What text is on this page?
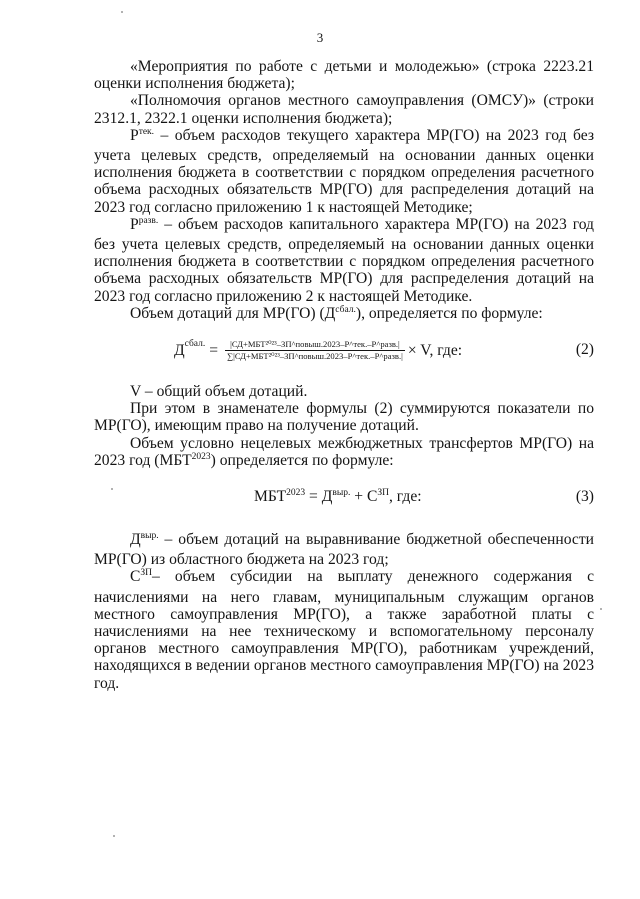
3

«Мероприятия по работе с детьми и молодежью» (строка 2223.21 оценки исполнения бюджета);

«Полномочия органов местного самоуправления (ОМСУ)» (строки 2312.1, 2322.1 оценки исполнения бюджета);

$Р^{тек.}$ – объем расходов текущего характера МР(ГО) на 2023 год без учета целевых средств, определяемый на основании данных оценки исполнения бюджета в соответствии с порядком определения расчетного объема расходных обязательств МР(ГО) для распределения дотаций на 2023 год согласно приложению 1 к настоящей Методике;

$Р^{разв.}$ – объем расходов капитального характера МР(ГО) на 2023 год без учета целевых средств, определяемый на основании данных оценки исполнения бюджета в соответствии с порядком определения расчетного объема расходных обязательств МР(ГО) для распределения дотаций на 2023 год согласно приложению 2 к настоящей Методике.

Объем дотаций для МР(ГО) $(Д^{сбал.})$, определяется по формуле:

Д сбал. = $\frac{\text{|СД+МБТ²⁰²³–ЗП\textasciicircum{}повыш.2023–Р\textasciicircum{}тек.–Р\textasciicircum{}разв.|}}{\text{∑|СД+МБТ²⁰²³–ЗП\textasciicircum{}повыш.2023–Р\textasciicircum{}тек.–Р\textasciicircum{}разв.|}} \times V$, где:	(2)

V – общий объем дотаций.

При этом в знаменателе формулы (2) суммируются показатели по МР(ГО), имеющим право на получение дотаций.

Объем условно нецелевых межбюджетных трансфертов МР(ГО) на 2023 год $(МБТ^{2023})$ определяется по формуле:

$МБТ^{2023} = Д^{выр.} + С^{ЗП}$, где:	(3)

$Д^{выр.}$ – объем дотаций на выравнивание бюджетной обеспеченности МР(ГО) из областного бюджета на 2023 год;

$С^{ЗП}-$ объем субсидии на выплату денежного содержания с начислениями на него главам, муниципальным служащим органов местного самоуправления МР(ГО), а также заработной платы с начислениями на нее техническому и вспомогательному персоналу органов местного самоуправления МР(ГО), работникам учреждений, находящихся в ведении органов местного самоуправления МР(ГО) на 2023 год.
